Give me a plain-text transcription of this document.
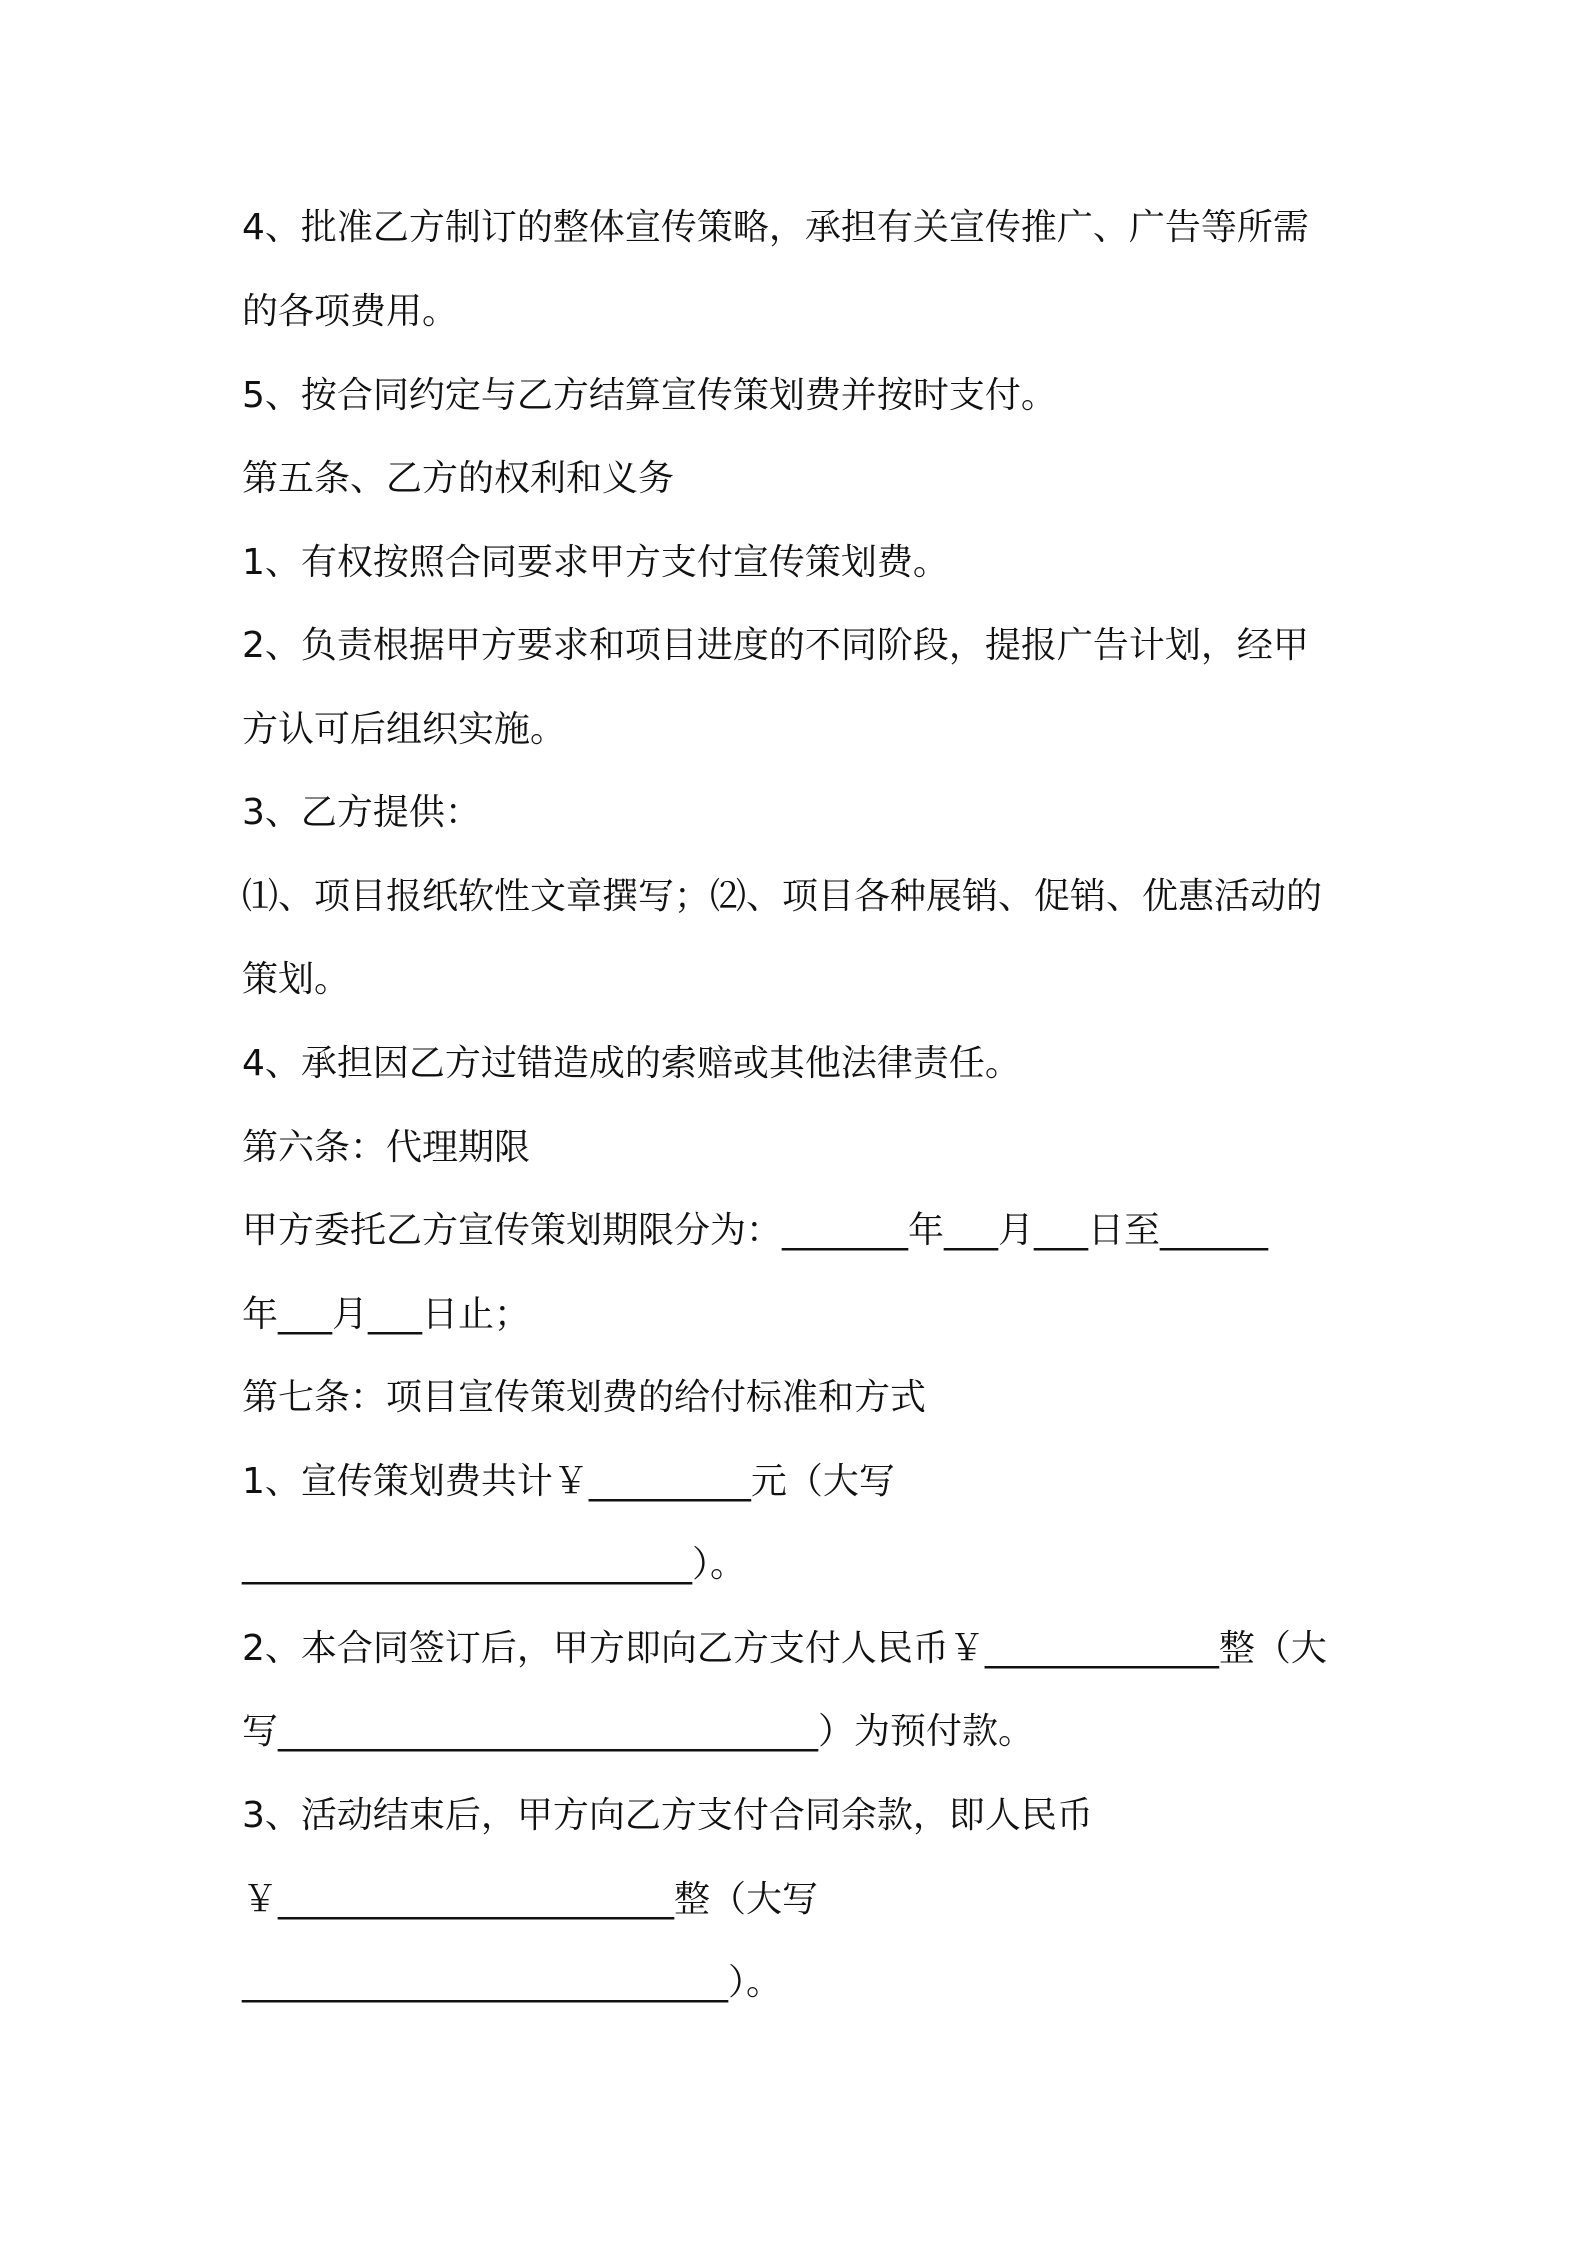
4、批准乙方制订的整体宣传策略，承担有关宣传推广、广告等所需
的各项费用。
5、按合同约定与乙方结算宣传策划费并按时支付。
第五条、乙方的权利和义务
1、有权按照合同要求甲方支付宣传策划费。
2、负责根据甲方要求和项目进度的不同阶段，提报广告计划，经甲
方认可后组织实施。
3、乙方提供：
⑴、项目报纸软性文章撰写；⑵、项目各种展销、促销、优惠活动的
策划。
4、承担因乙方过错造成的索赔或其他法律责任。
第六条：代理期限
甲方委托乙方宣传策划期限分为：_______年___月___日至______
年___月___日止；
第七条：项目宣传策划费的给付标准和方式
1、宣传策划费共计￥_________元（大写
_________________________）。
2、本合同签订后，甲方即向乙方支付人民币￥_____________整（大
写______________________________）为预付款。
3、活动结束后，甲方向乙方支付合同余款，即人民币
￥______________________整（大写
___________________________）。
